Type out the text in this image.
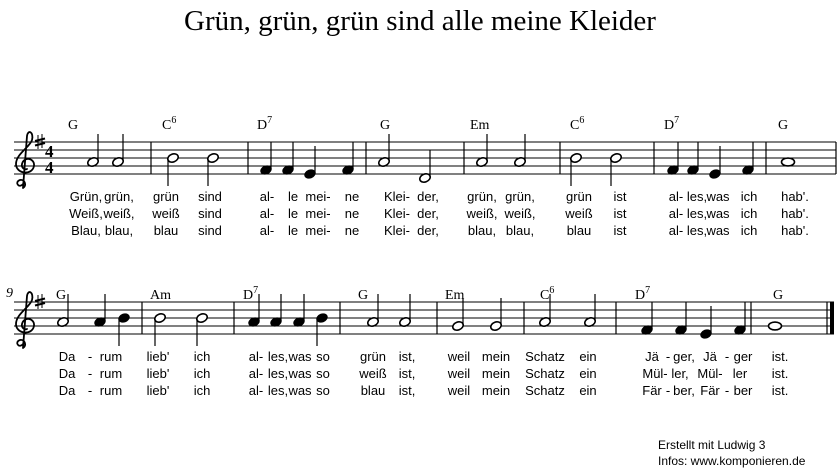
Grün, grün, grün sind alle meine Kleider
4
4
G	$C^6$	$D^7$	G	Em	$C^6$	$D^7$	G
G	Am	$D^7$	G	Em	$C^6$	$D^7$	G
9
Grün, grün, grün sind	al- le mei- ne Klei- der, grün, grün, grün ist	al- les, was ich hab'.
Weiß, weiß, weiß sind	al- le mei- ne Klei- der, weiß, weiß, weiß ist	al- les, was ich hab'.
Blau, blau, blau sind	al- le mei- ne Klei- der, blau, blau,	blau ist	al- les, was ich hab'.
Da - rum lieb' ich	al- les, was so grün ist, weil mein Schatz ein	Jä - ger, Jä - ger ist.
Da - rum lieb' ich	al- les, was so weiß ist, weil mein Schatz ein	Mül- ler, Mül- ler ist.
Da - rum lieb' ich	al- les, was so blau ist, weil mein Schatz ein	Fär - ber, Fär - ber ist.
Erstellt mit Ludwig 3
Infos: www.komponieren.de
